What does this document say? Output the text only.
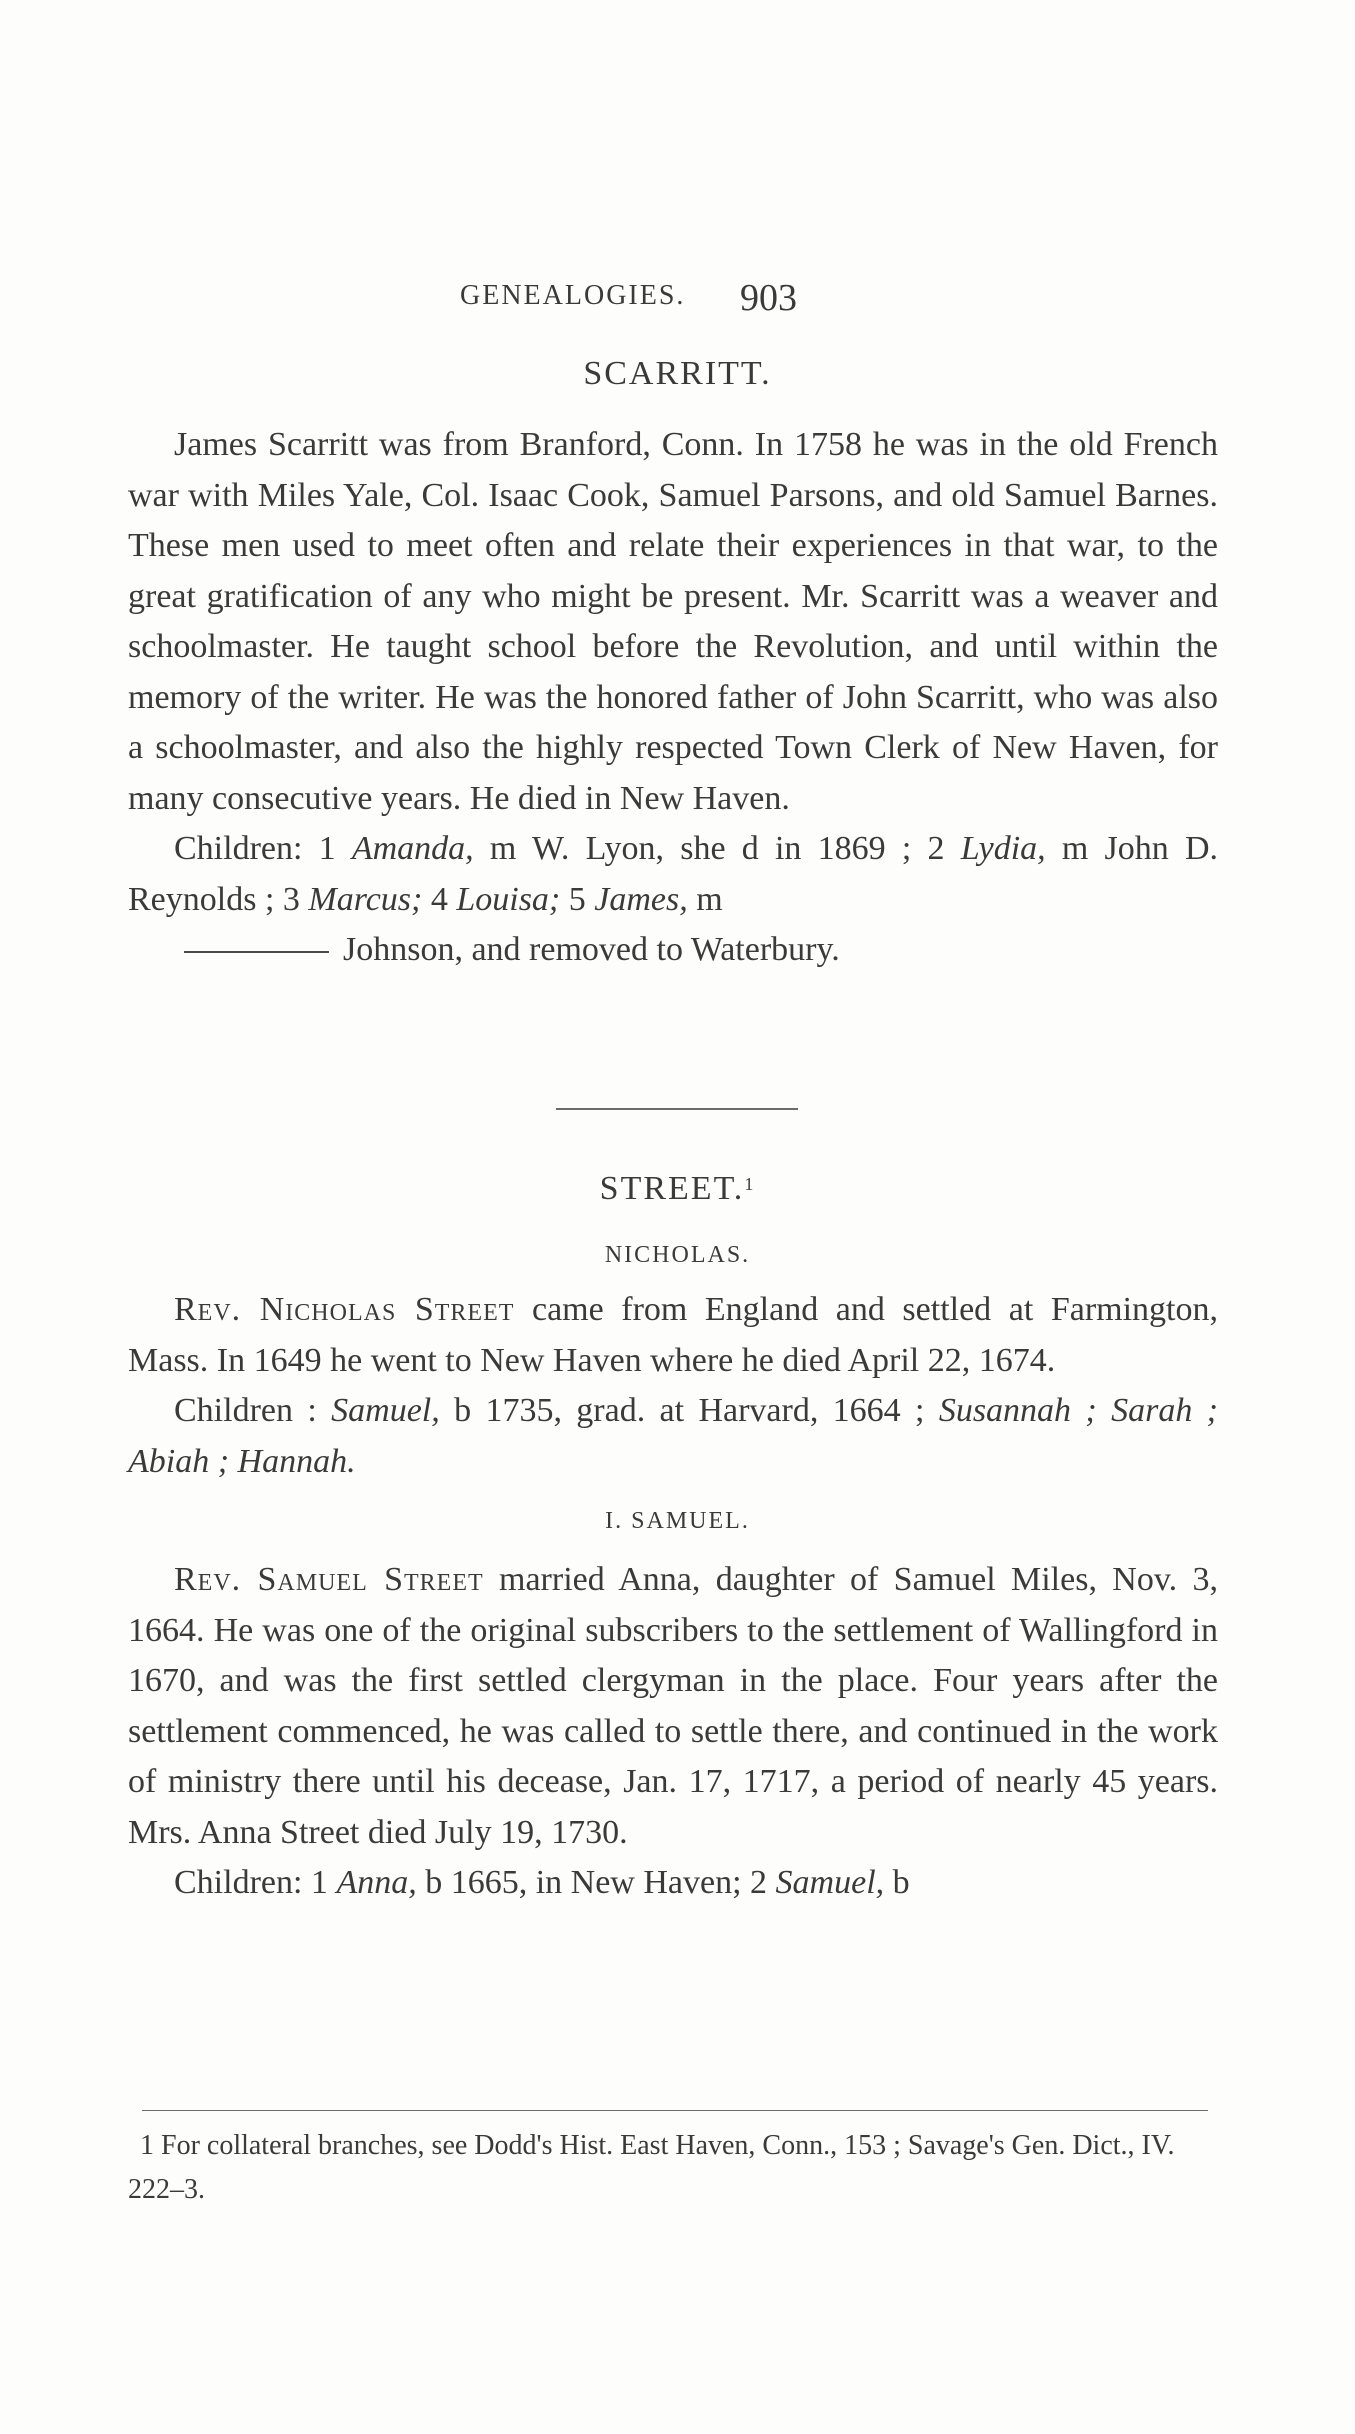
GENEALOGIES. 903
SCARRITT.

James Scarritt was from Branford, Conn. In 1758 he was in the old French war with Miles Yale, Col. Isaac Cook, Samuel Parsons, and old Samuel Barnes. These men used to meet often and relate their experiences in that war, to the great gratification of any who might be present. Mr. Scarritt was a weaver and schoolmaster. He taught school before the Revolution, and until within the memory of the writer. He was the honored father of John Scarritt, who was also a schoolmaster, and also the highly respected Town Clerk of New Haven, for many consecutive years. He died in New Haven.

Children: 1 Amanda, m W. Lyon, she d in 1869 ; 2 Lydia, m John D. Reynolds ; 3 Marcus; 4 Louisa; 5 James, m

Johnson, and removed to Waterbury.

STREET.$^1$
NICHOLAS.

Rev. Nicholas Street came from England and settled at Farmington, Mass. In 1649 he went to New Haven where he died April 22, 1674.

Children : Samuel, b 1735, grad. at Harvard, 1664 ; Susannah ; Sarah ; Abiah ; Hannah.

I. SAMUEL.

Rev. Samuel Street married Anna, daughter of Samuel Miles, Nov. 3, 1664. He was one of the original subscribers to the settlement of Wallingford in 1670, and was the first settled clergyman in the place. Four years after the settlement commenced, he was called to settle there, and continued in the work of ministry there until his decease, Jan. 17, 1717, a period of nearly 45 years. Mrs. Anna Street died July 19, 1730.

Children: 1 Anna, b 1665, in New Haven; 2 Samuel, b

1 For collateral branches, see Dodd's Hist. East Haven, Conn., 153 ; Savage's Gen. Dict., IV. 222–3.
